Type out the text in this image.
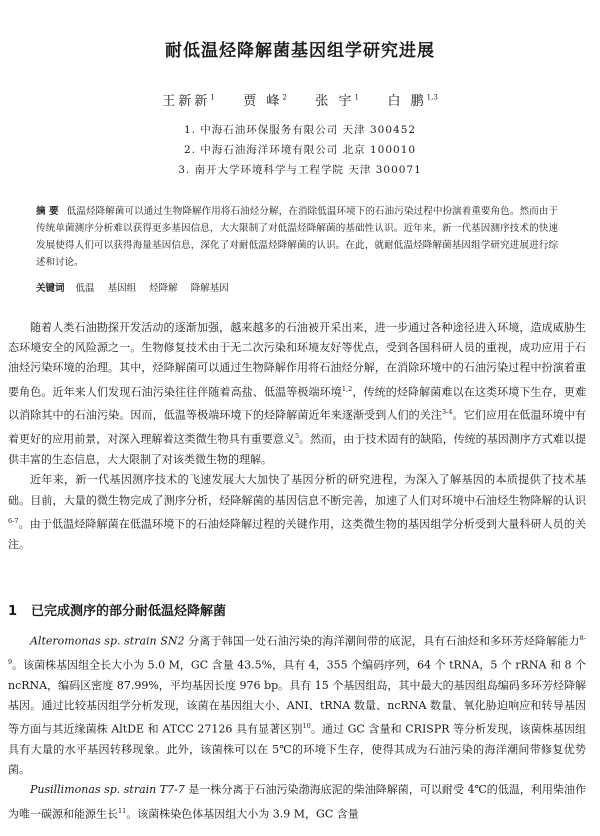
耐低温烃降解菌基因组学研究进展
王新新$^1$ 贾 峰$^2$ 张 宇$^1$ 白 鹏$^{1,3}$
1. 中海石油环保服务有限公司 天津 300452
2. 中海石油海洋环境有限公司 北京 100010
3. 南开大学环境科学与工程学院 天津 300071
摘 要 低温烃降解菌可以通过生物降解作用将石油烃分解，在消除低温环境下的石油污染过程中扮演着重要角色。然而由于传统单菌测序分析难以获得更多基因信息，大大限制了对低温烃降解菌的基础性认识。近年来，新一代基因测序技术的快速发展使得人们可以获得海量基因信息，深化了对耐低温烃降解菌的认识。在此，就耐低温烃降解菌基因组学研究进展进行综述和讨论。
关键词 低温 基因组 烃降解 降解基因

随着人类石油勘探开发活动的逐渐加强，越来越多的石油被开采出来，进一步通过各种途径进入环境，造成威胁生态环境安全的风险源之一。生物修复技术由于无二次污染和环境友好等优点，受到各国科研人员的重视，成功应用于石油烃污染环境的治理。其中，烃降解菌可以通过生物降解作用将石油烃分解，在消除环境中的石油污染过程中扮演着重要角色。近年来人们发现石油污染往往伴随着高盐、低温等极端环境$^{1,2}$，传统的烃降解菌难以在这类环境下生存，更难以消除其中的石油污染。因而，低温等极端环境下的烃降解菌近年来逐渐受到人们的关注$^{3-4}$。它们应用在低温环境中有着更好的应用前景，对深入理解着这类微生物具有重要意义$^5$。然而，由于技术固有的缺陷，传统的基因测序方式难以提供丰富的生态信息，大大限制了对该类微生物的理解。

近年来，新一代基因测序技术的飞速发展大大加快了基因分析的研究进程，为深入了解基因的本质提供了技术基础。目前，大量的微生物完成了测序分析，烃降解菌的基因信息不断完善，加速了人们对环境中石油烃生物降解的认识$^{6-7}$。由于低温烃降解菌在低温环境下的石油烃降解过程的关键作用，这类微生物的基因组学分析受到大量科研人员的关注。

1 已完成测序的部分耐低温烃降解菌

Alteromonas sp. strain SN2 分离于韩国一处石油污染的海洋潮间带的底泥，具有石油烃和多环芳烃降解能力$^{8-9}$。该菌株基因组全长大小为 5.0 M，GC 含量 43.5%，具有 4，355 个编码序列，64 个 tRNA，5 个 rRNA 和 8 个 ncRNA，编码区密度 87.99%，平均基因长度 976 bp。具有 15 个基因组岛，其中最大的基因组岛编码多环芳烃降解基因。通过比较基因组学分析发现，该菌在基因组大小、ANI、tRNA 数量、ncRNA 数量、氧化胁迫响应和转导基因等方面与其近缘菌株 AltDE 和 ATCC 27126 具有显著区别$^{10}$。通过 GC 含量和 CRISPR 等分析发现，该菌株基因组具有大量的水平基因转移现象。此外，该菌株可以在 5℃的环境下生存，使得其成为石油污染的海洋潮间带修复优势菌。

Pusillimonas sp. strain T7-7 是一株分离于石油污染渤海底泥的柴油降解菌，可以耐受 4℃的低温，利用柴油作为唯一碳源和能源生长$^{11}$。该菌株染色体基因组大小为 3.9 M，GC 含量
